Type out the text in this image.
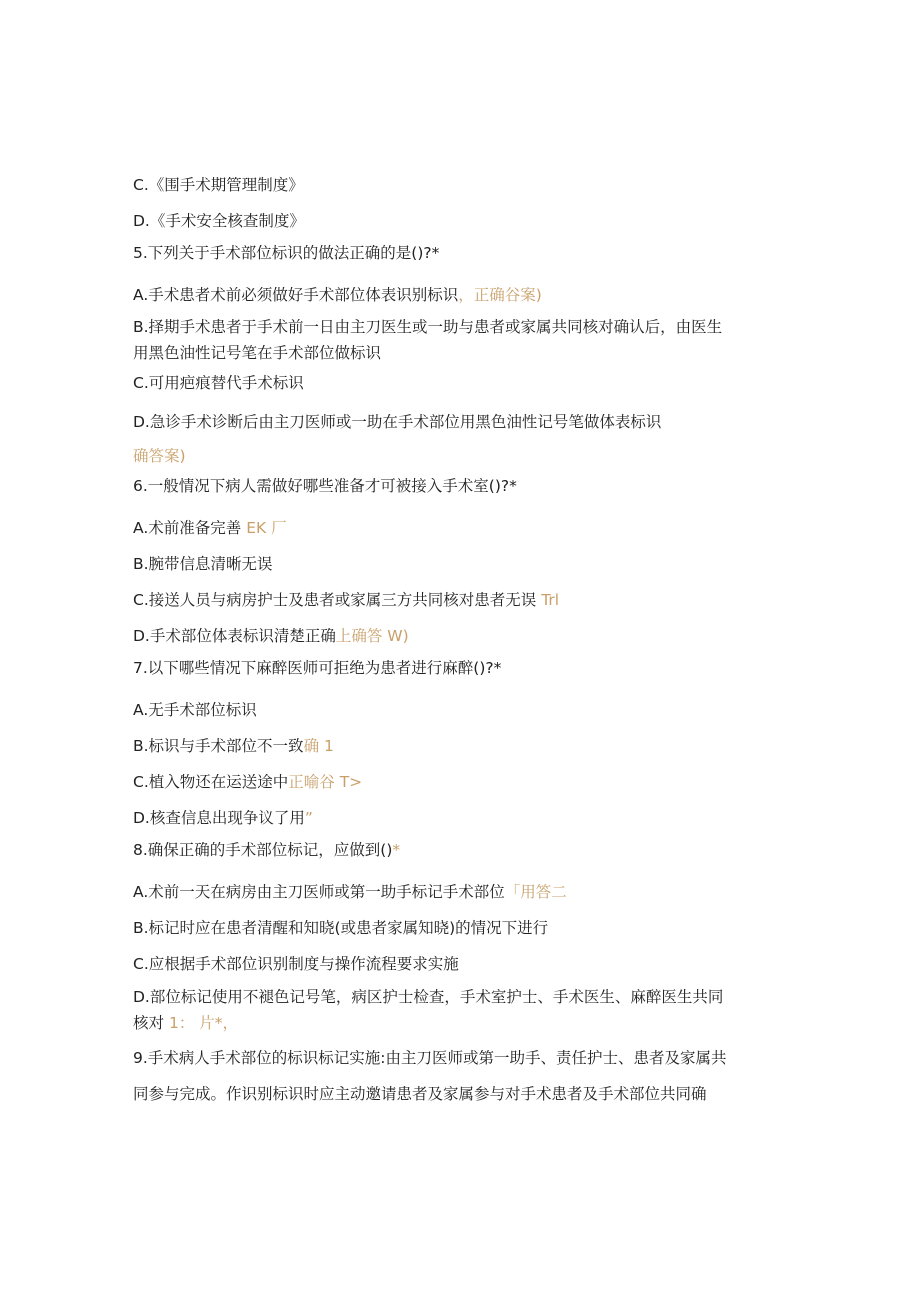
C.《围手术期管理制度》
D.《手术安全核查制度》
5.下列关于手术部位标识的做法正确的是()?*
A.手术患者术前必须做好手术部位体表识别标识，正确谷案)
B.择期手术患者于手术前一日由主刀医生或一助与患者或家属共同核对确认后，由医生
用黑色油性记号笔在手术部位做标识
C.可用疤痕替代手术标识
D.急诊手术诊断后由主刀医师或一助在手术部位用黑色油性记号笔做体表标识
确答案)
6.一般情况下病人需做好哪些准备才可被接入手术室()?*
A.术前准备完善 EK 厂
B.腕带信息清晰无误
C.接送人员与病房护士及患者或家属三方共同核对患者无误 Trl
D.手术部位体表标识清楚正确上确答 W)
7.以下哪些情况下麻醉医师可拒绝为患者进行麻醉()?*
A.无手术部位标识
B.标识与手术部位不一致确 1
C.植入物还在运送途中正喻谷 T>
D.核查信息出现争议了用”
8.确保正确的手术部位标记，应做到()*
A.术前一天在病房由主刀医师或第一助手标记手术部位「用答二
B.标记时应在患者清醒和知晓(或患者家属知晓)的情况下进行
C.应根据手术部位识别制度与操作流程要求实施
D.部位标记使用不褪色记号笔，病区护士检查，手术室护士、手术医生、麻醉医生共同
核对 1： 片*，
9.手术病人手术部位的标识标记实施:由主刀医师或第一助手、责任护士、患者及家属共
同参与完成。作识别标识时应主动邀请患者及家属参与对手术患者及手术部位共同确
